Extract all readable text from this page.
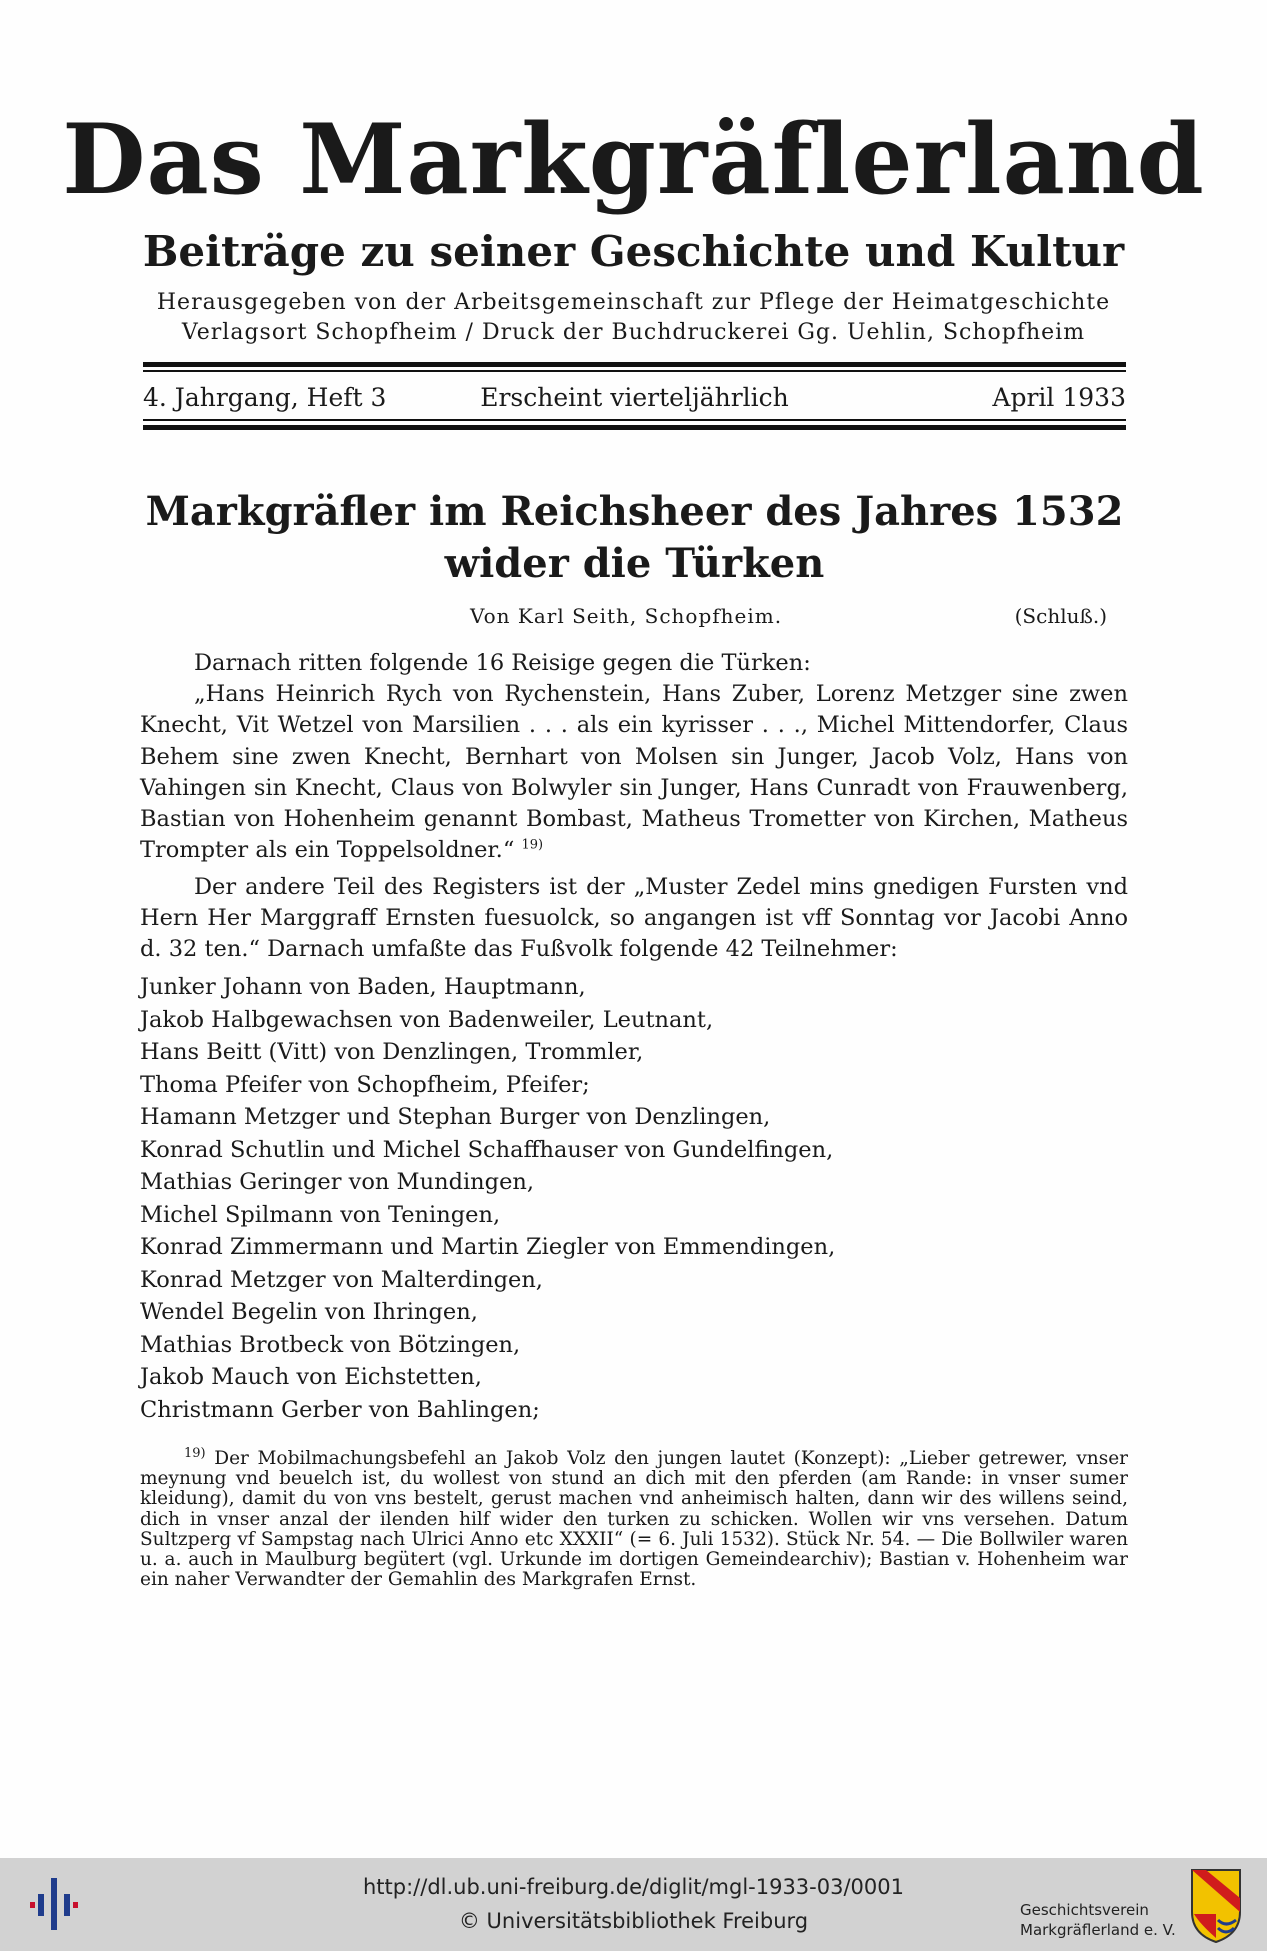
Das Markgräflerland
Beiträge zu seiner Geschichte und Kultur
Herausgegeben von der Arbeitsgemeinschaft zur Pflege der Heimatgeschichte
Verlagsort Schopfheim / Druck der Buchdruckerei Gg. Uehlin, Schopfheim
Erscheint vierteljährlich
4. Jahrgang, Heft 3	April 1933
Markgräfler im Reichsheer des Jahres 1532
wider die Türken
Von Karl Seith, Schopfheim.	(Schluß.)

Darnach ritten folgende 16 Reisige gegen die Türken:

„Hans Heinrich Rych von Rychenstein, Hans Zuber, Lorenz Metzger sine zwen Knecht, Vit Wetzel von Marsilien . . . als ein kyrisser . . ., Michel Mittendorfer, Claus Behem sine zwen Knecht, Bernhart von Molsen sin Junger, Jacob Volz, Hans von Vahingen sin Knecht, Claus von Bolwyler sin Junger, Hans Cunradt von Frauwenberg, Bastian von Hohenheim genannt Bombast, Matheus Trometter von Kirchen, Matheus Trompter als ein Toppelsoldner.“ $^{19)}$

Der andere Teil des Registers ist der „Muster Zedel mins gnedigen Fursten vnd Hern Her Marggraff Ernsten fuesuolck, so angangen ist vff Sonntag vor Jacobi Anno d. 32 ten.“ Darnach umfaßte das Fußvolk folgende 42 Teilnehmer:

Junker Johann von Baden, Hauptmann,
Jakob Halbgewachsen von Badenweiler, Leutnant,
Hans Beitt (Vitt) von Denzlingen, Trommler,
Thoma Pfeifer von Schopfheim, Pfeifer;
Hamann Metzger und Stephan Burger von Denzlingen,
Konrad Schutlin und Michel Schaffhauser von Gundelfingen,
Mathias Geringer von Mundingen,
Michel Spilmann von Teningen,
Konrad Zimmermann und Martin Ziegler von Emmendingen,
Konrad Metzger von Malterdingen,
Wendel Begelin von Ihringen,
Mathias Brotbeck von Bötzingen,
Jakob Mauch von Eichstetten,
Christmann Gerber von Bahlingen;

$^{19)}$ Der Mobilmachungsbefehl an Jakob Volz den jungen lautet (Konzept): „Lieber getrewer, vnser meynung vnd beuelch ist, du wollest von stund an dich mit den pferden (am Rande: in vnser sumer kleidung), damit du von vns bestelt, gerust machen vnd anheimisch halten, dann wir des willens seind, dich in vnser anzal der ilenden hilf wider den turken zu schicken. Wollen wir vns versehen. Datum Sultzperg vf Sampstag nach Ulrici Anno etc XXXII“ (= 6. Juli 1532). Stück Nr. 54. — Die Bollwiler waren u. a. auch in Maulburg begütert (vgl. Urkunde im dortigen Gemeindearchiv); Bastian v. Hohenheim war ein naher Verwandter der Gemahlin des Markgrafen Ernst.

http://dl.ub.uni-freiburg.de/diglit/mgl-1933-03/0001
© Universitätsbibliothek Freiburg	Geschichtsverein
Markgräflerland e. V.
